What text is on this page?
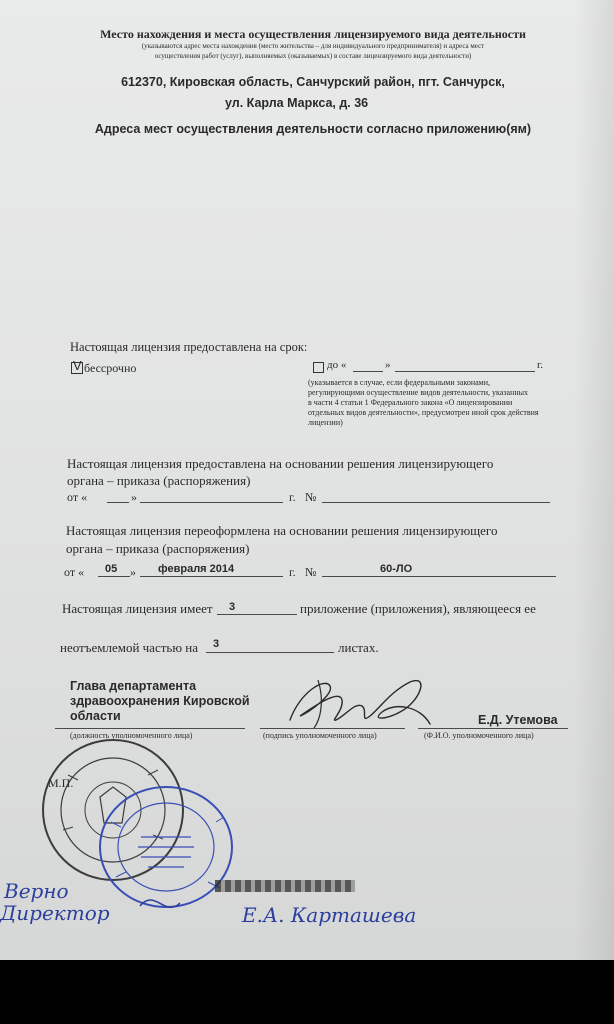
Место нахождения и места осуществления лицензируемого вида деятельности
(указываются адрес места нахождения (место жительства – для индивидуального предпринимателя) и адреса мест
осуществления работ (услуг), выполняемых (оказываемых) в составе лицензируемого вида деятельности)
612370, Кировская область, Санчурский район, пгт. Санчурск,
ул. Карла Маркса, д. 36
Адреса мест осуществления деятельности согласно приложению(ям)
Настоящая лицензия предоставлена на срок:
V бессрочно	до «	»	г.
(указывается в случае, если федеральными законами,
регулирующими осуществление видов деятельности, указанных
в части 4 статьи 1 Федерального закона «О лицензировании
отдельных видов деятельности», предусмотрен иной срок действия
лицензии)
Настоящая лицензия предоставлена на основании решения лицензирующего
органа – приказа (распоряжения)
от «	»	г. №
Настоящая лицензия переоформлена на основании решения лицензирующего
органа – приказа (распоряжения)
от « 05 » февраля 2014	г. №	60-ЛО
Настоящая лицензия имеет 3	приложение (приложения), являющееся ее
неотъемлемой частью на 3	листах.
Глава департамента
здравоохранения Кировской
области	Е.Д. Утемова
(должность уполномоченного лица)	(подпись уполномоченного лица)	(Ф.И.О. уполномоченного лица)
М.П.
Верно
Директор	Е.А. Карташева
